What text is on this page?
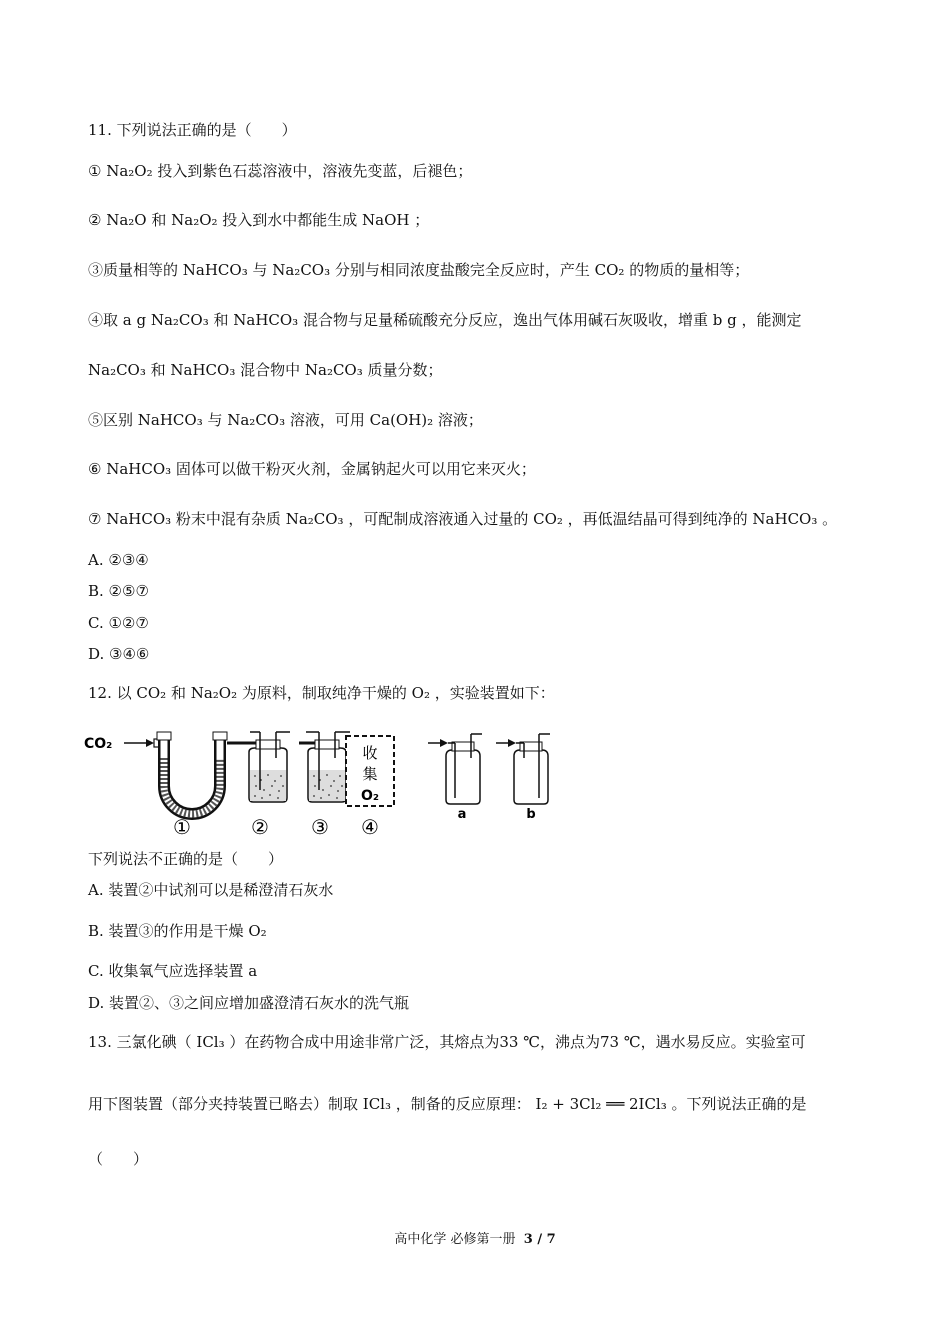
11. 下列说法正确的是（　　）
① Na₂O₂ 投入到紫色石蕊溶液中，溶液先变蓝，后褪色；
② Na₂O 和 Na₂O₂ 投入到水中都能生成 NaOH ；
③质量相等的 NaHCO₃ 与 Na₂CO₃ 分别与相同浓度盐酸完全反应时，产生 CO₂ 的物质的量相等；
④取 a g Na₂CO₃ 和 NaHCO₃ 混合物与足量稀硫酸充分反应，逸出气体用碱石灰吸收，增重 b g ，能测定
Na₂CO₃ 和 NaHCO₃ 混合物中 Na₂CO₃ 质量分数；
⑤区别 NaHCO₃ 与 Na₂CO₃ 溶液，可用 Ca(OH)₂ 溶液；
⑥ NaHCO₃ 固体可以做干粉灭火剂，金属钠起火可以用它来灭火；
⑦ NaHCO₃ 粉末中混有杂质 Na₂CO₃ ，可配制成溶液通入过量的 CO₂ ，再低温结晶可得到纯净的 NaHCO₃ 。
A. ②③④
B. ②⑤⑦
C. ①②⑦
D. ③④⑥
12. 以 CO₂ 和 Na₂O₂ 为原料，制取纯净干燥的 O₂ ，实验装置如下：
CO₂	收
集
O₂
①	② ③ ④
a	b
下列说法不正确的是（　　）
A. 装置②中试剂可以是稀澄清石灰水
B. 装置③的作用是干燥 O₂
C. 收集氧气应选择装置 a
D. 装置②、③之间应增加盛澄清石灰水的洗气瓶
13. 三氯化碘（ ICl₃ ）在药物合成中用途非常广泛，其熔点为33 ℃，沸点为73 ℃，遇水易反应。实验室可
用下图装置（部分夹持装置已略去）制取 ICl₃ ，制备的反应原理： I₂ + 3Cl₂ ══ 2ICl₃ 。下列说法正确的是
（　　）
高中化学 必修第一册 3 / 7
